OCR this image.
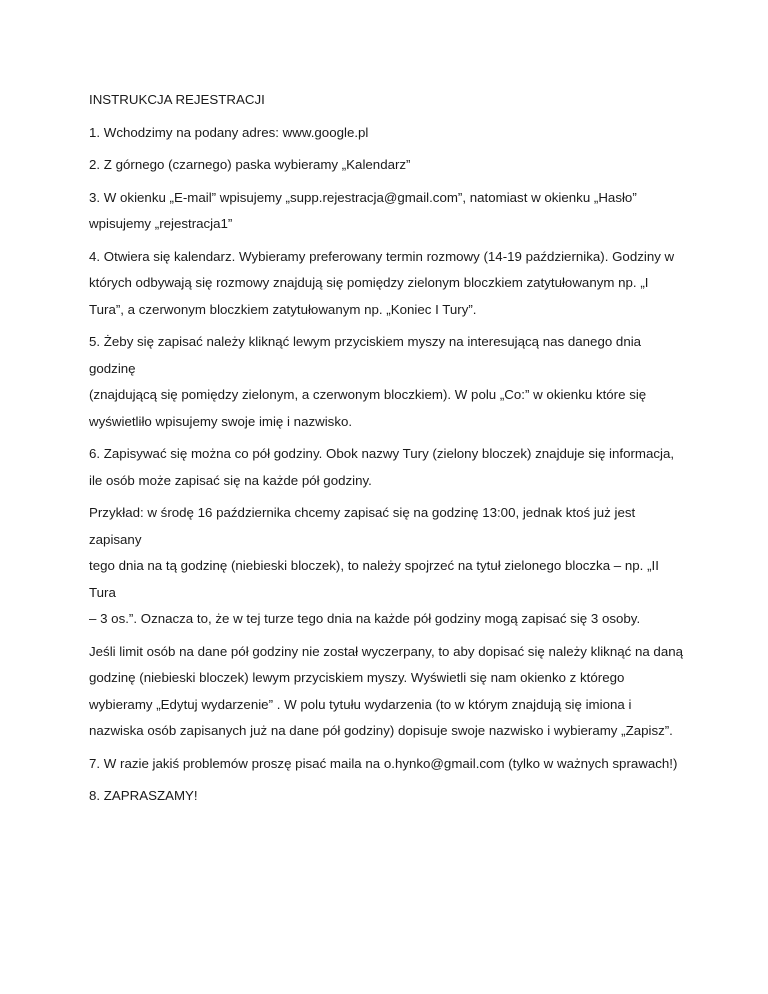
INSTRUKCJA REJESTRACJI

1. Wchodzimy na podany adres: www.google.pl

2. Z górnego (czarnego) paska wybieramy „Kalendarz”

3. W okienku „E-mail” wpisujemy „supp.rejestracja@gmail.com”, natomiast w okienku „Hasło”
wpisujemy „rejestracja1”

4. Otwiera się kalendarz. Wybieramy preferowany termin rozmowy (14-19 października). Godziny w
których odbywają się rozmowy znajdują się pomiędzy zielonym bloczkiem zatytułowanym np. „I
Tura”, a czerwonym bloczkiem zatytułowanym np. „Koniec I Tury”.

5. Żeby się zapisać należy kliknąć lewym przyciskiem myszy na interesującą nas danego dnia godzinę
(znajdującą się pomiędzy zielonym, a czerwonym bloczkiem). W polu „Co:” w okienku które się
wyświetliło wpisujemy swoje imię i nazwisko.

6. Zapisywać się można co pół godziny. Obok nazwy Tury (zielony bloczek) znajduje się informacja,
ile osób może zapisać się na każde pół godziny.

Przykład: w środę 16 października chcemy zapisać się na godzinę 13:00, jednak ktoś już jest zapisany
tego dnia na tą godzinę (niebieski bloczek), to należy spojrzeć na tytuł zielonego bloczka – np. „II Tura
– 3 os.”. Oznacza to, że w tej turze tego dnia na każde pół godziny mogą zapisać się 3 osoby.

Jeśli limit osób na dane pół godziny nie został wyczerpany, to aby dopisać się należy kliknąć na daną
godzinę (niebieski bloczek) lewym przyciskiem myszy. Wyświetli się nam okienko z którego
wybieramy „Edytuj wydarzenie” . W polu tytułu wydarzenia (to w którym znajdują się imiona i
nazwiska osób zapisanych już na dane pół godziny) dopisuje swoje nazwisko i wybieramy „Zapisz”.

7. W razie jakiś problemów proszę pisać maila na o.hynko@gmail.com (tylko w ważnych sprawach!)

8. ZAPRASZAMY!
